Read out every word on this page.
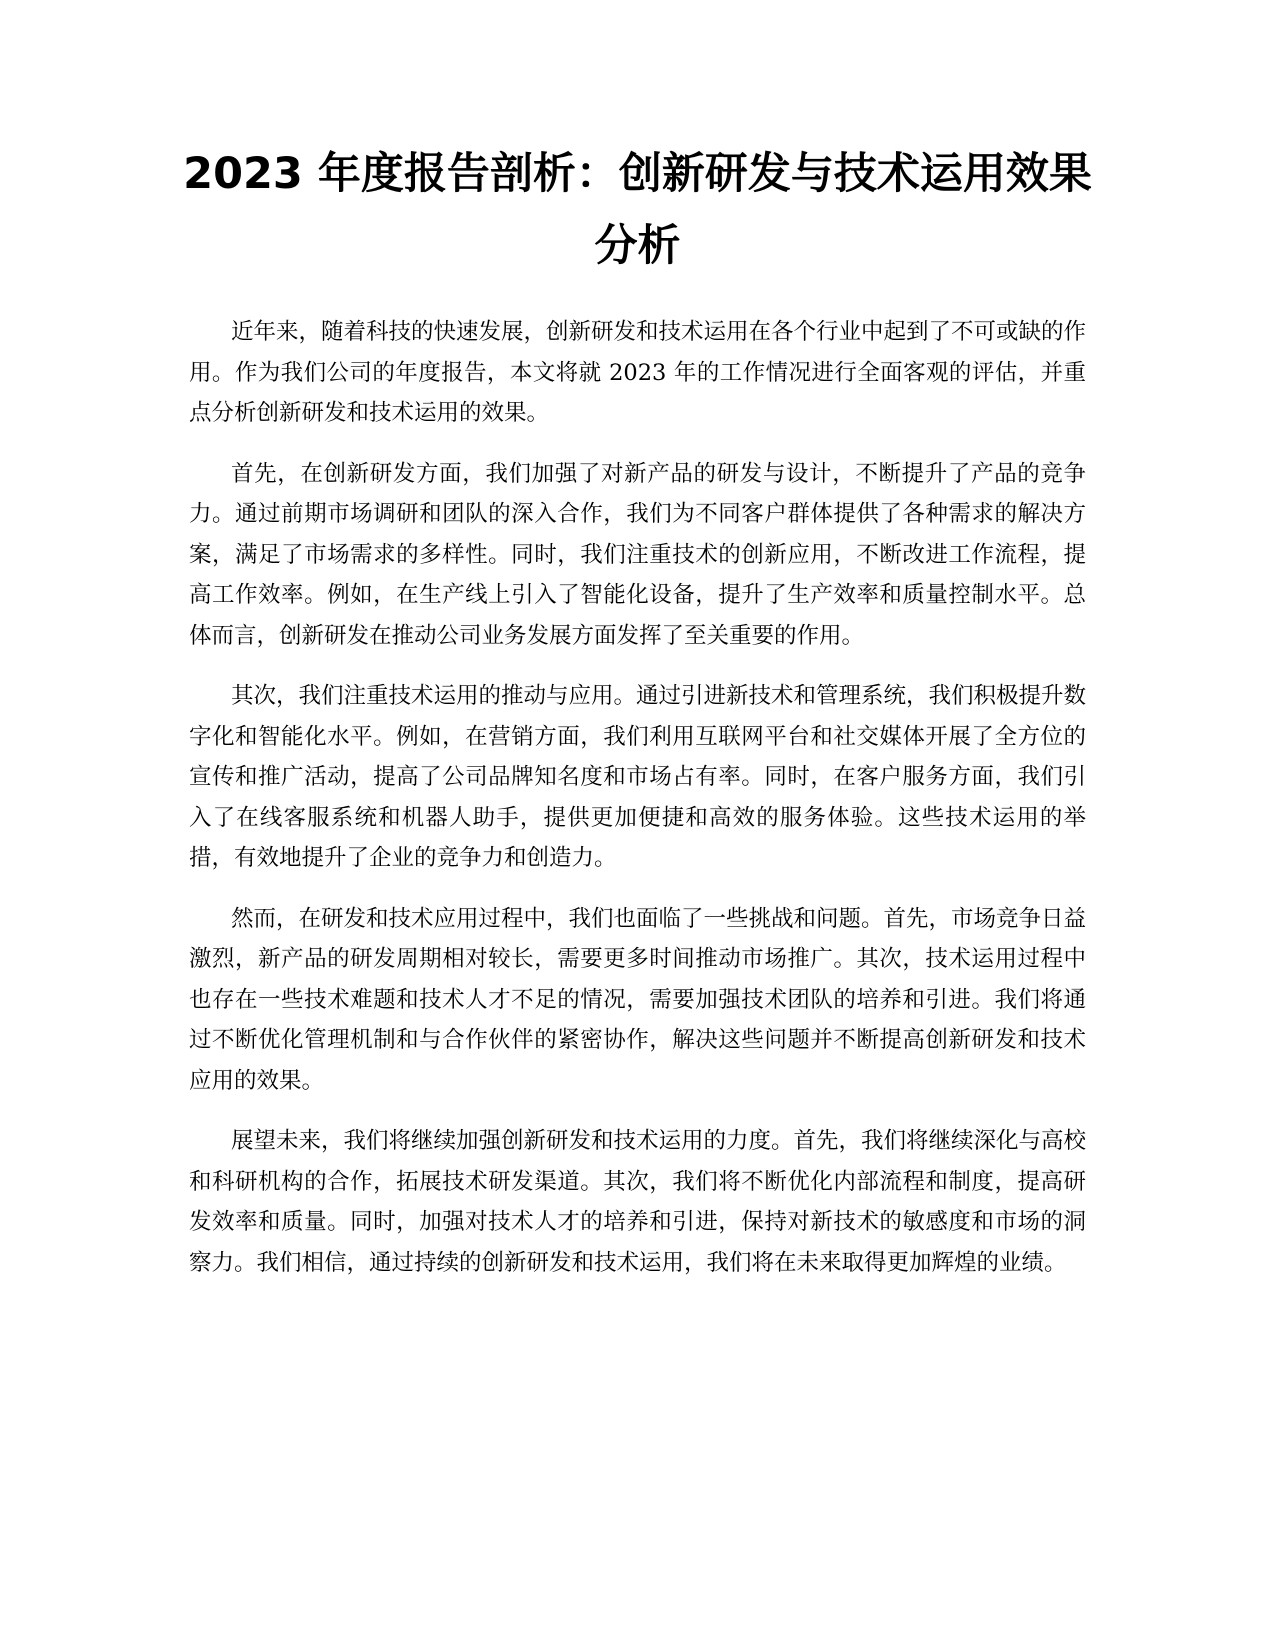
2023 年度报告剖析：创新研发与技术运用效果分析

近年来，随着科技的快速发展，创新研发和技术运用在各个行业中起到了不可或缺的作用。作为我们公司的年度报告，本文将就 2023 年的工作情况进行全面客观的评估，并重点分析创新研发和技术运用的效果。

首先，在创新研发方面，我们加强了对新产品的研发与设计，不断提升了产品的竞争力。通过前期市场调研和团队的深入合作，我们为不同客户群体提供了各种需求的解决方案，满足了市场需求的多样性。同时，我们注重技术的创新应用，不断改进工作流程，提高工作效率。例如，在生产线上引入了智能化设备，提升了生产效率和质量控制水平。总体而言，创新研发在推动公司业务发展方面发挥了至关重要的作用。

其次，我们注重技术运用的推动与应用。通过引进新技术和管理系统，我们积极提升数字化和智能化水平。例如，在营销方面，我们利用互联网平台和社交媒体开展了全方位的宣传和推广活动，提高了公司品牌知名度和市场占有率。同时，在客户服务方面，我们引入了在线客服系统和机器人助手，提供更加便捷和高效的服务体验。这些技术运用的举措，有效地提升了企业的竞争力和创造力。

然而，在研发和技术应用过程中，我们也面临了一些挑战和问题。首先，市场竞争日益激烈，新产品的研发周期相对较长，需要更多时间推动市场推广。其次，技术运用过程中也存在一些技术难题和技术人才不足的情况，需要加强技术团队的培养和引进。我们将通过不断优化管理机制和与合作伙伴的紧密协作，解决这些问题并不断提高创新研发和技术应用的效果。

展望未来，我们将继续加强创新研发和技术运用的力度。首先，我们将继续深化与高校和科研机构的合作，拓展技术研发渠道。其次，我们将不断优化内部流程和制度，提高研发效率和质量。同时，加强对技术人才的培养和引进，保持对新技术的敏感度和市场的洞察力。我们相信，通过持续的创新研发和技术运用，我们将在未来取得更加辉煌的业绩。
